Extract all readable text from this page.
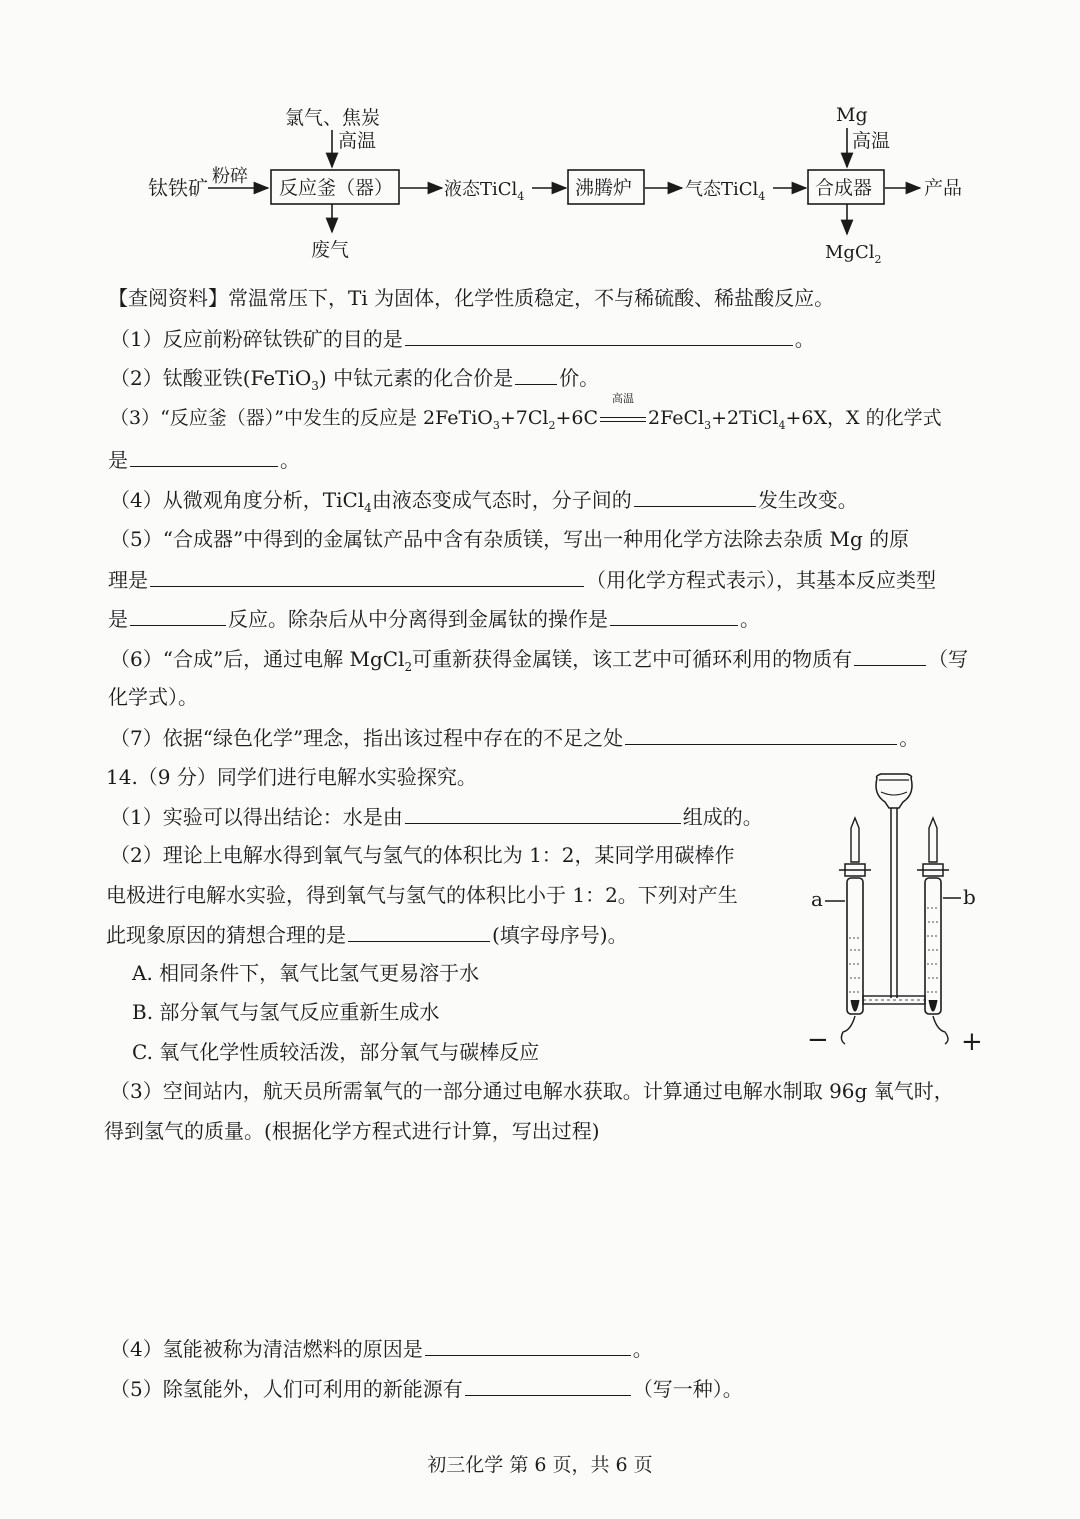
钛铁矿 粉碎
氯气、焦炭
高温
反应釜（器）
废气
液态TiCl$_4$	沸腾炉	气态TiCl$_4$
Mg
高温
合成器	产品
MgCl$_2$
【查阅资料】常温常压下，Ti 为固体，化学性质稳定，不与稀硫酸、稀盐酸反应。
（1）反应前粉碎钛铁矿的目的是	。
（2）钛酸亚铁(FeTiO$_3$) 中钛元素的化合价是 价。
（3）“反应釜（器）”中发生的反应是 $2FeTiO_3+7Cl_2+6C$
高温
2FeCl$_3$+2TiCl$_4$+6X，X 的化学式
是	。
（4）从微观角度分析，TiCl$_4$由液态变成气态时，分子间的	发生改变。
（5）“合成器”中得到的金属钛产品中含有杂质镁，写出一种用化学方法除去杂质 Mg 的原
理是	（用化学方程式表示），其基本反应类型
是	反应。除杂后从中分离得到金属钛的操作是	。
（6）“合成”后，通过电解 MgCl$_2$可重新获得金属镁，该工艺中可循环利用的物质有	（写
化学式）。
（7）依据“绿色化学”理念，指出该过程中存在的不足之处	。
14.（9 分）同学们进行电解水实验探究。
（1）实验可以得出结论：水是由	组成的。
（2）理论上电解水得到氧气与氢气的体积比为 1：2，某同学用碳棒作
电极进行电解水实验，得到氧气与氢气的体积比小于 1：2。下列对产生
此现象原因的猜想合理的是	(填字母序号)。
A. 相同条件下，氧气比氢气更易溶于水
B. 部分氧气与氢气反应重新生成水
C. 氧气化学性质较活泼，部分氧气与碳棒反应
a	b
−	+
（3）空间站内，航天员所需氧气的一部分通过电解水获取。计算通过电解水制取 96g 氧气时，
得到氢气的质量。(根据化学方程式进行计算，写出过程)
（4）氢能被称为清洁燃料的原因是	。
（5）除氢能外，人们可利用的新能源有	（写一种）。
初三化学 第 6 页，共 6 页
